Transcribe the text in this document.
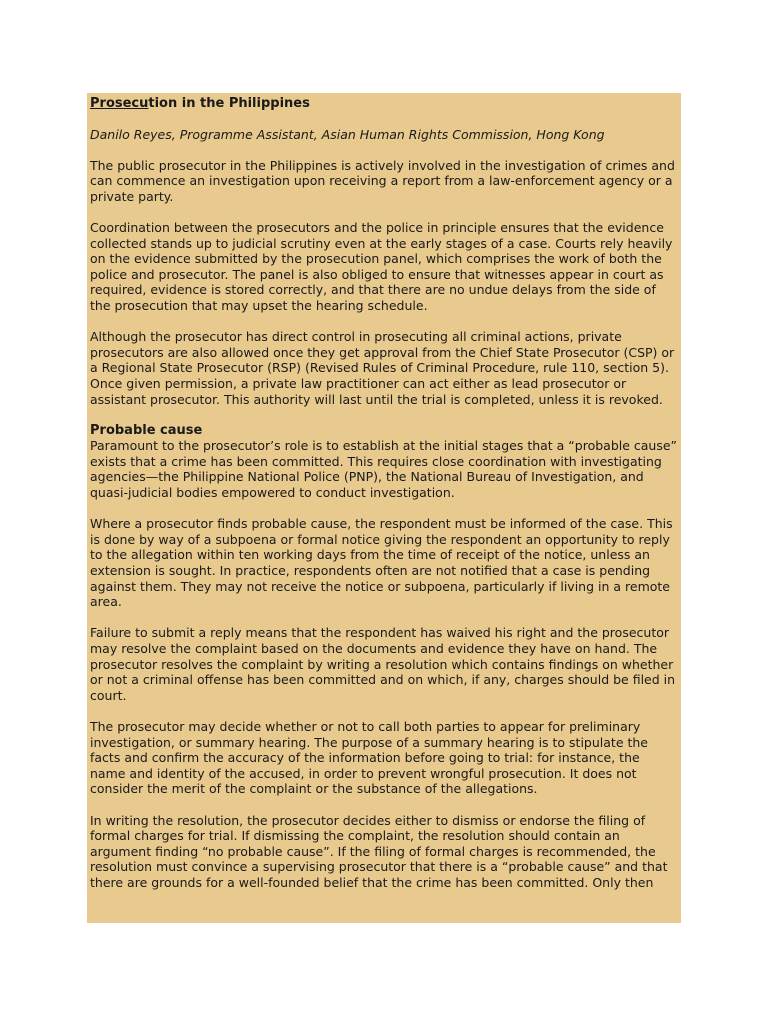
Prosecution in the Philippines
Danilo Reyes, Programme Assistant, Asian Human Rights Commission, Hong Kong
The public prosecutor in the Philippines is actively involved in the investigation of crimes and can commence an investigation upon receiving a report from a law-enforcement agency or a private party.
Coordination between the prosecutors and the police in principle ensures that the evidence collected stands up to judicial scrutiny even at the early stages of a case. Courts rely heavily on the evidence submitted by the prosecution panel, which comprises the work of both the police and prosecutor. The panel is also obliged to ensure that witnesses appear in court as required, evidence is stored correctly, and that there are no undue delays from the side of the prosecution that may upset the hearing schedule.
Although the prosecutor has direct control in prosecuting all criminal actions, private prosecutors are also allowed once they get approval from the Chief State Prosecutor (CSP) or a Regional State Prosecutor (RSP) (Revised Rules of Criminal Procedure, rule 110, section 5). Once given permission, a private law practitioner can act either as lead prosecutor or assistant prosecutor. This authority will last until the trial is completed, unless it is revoked.
Probable cause
Paramount to the prosecutor’s role is to establish at the initial stages that a “probable cause” exists that a crime has been committed. This requires close coordination with investigating agencies—the Philippine National Police (PNP), the National Bureau of Investigation, and quasi-judicial bodies empowered to conduct investigation.
Where a prosecutor finds probable cause, the respondent must be informed of the case. This is done by way of a subpoena or formal notice giving the respondent an opportunity to reply to the allegation within ten working days from the time of receipt of the notice, unless an extension is sought. In practice, respondents often are not notified that a case is pending against them. They may not receive the notice or subpoena, particularly if living in a remote area.
Failure to submit a reply means that the respondent has waived his right and the prosecutor may resolve the complaint based on the documents and evidence they have on hand. The prosecutor resolves the complaint by writing a resolution which contains findings on whether or not a criminal offense has been committed and on which, if any, charges should be filed in court.
The prosecutor may decide whether or not to call both parties to appear for preliminary investigation, or summary hearing. The purpose of a summary hearing is to stipulate the facts and confirm the accuracy of the information before going to trial: for instance, the name and identity of the accused, in order to prevent wrongful prosecution. It does not consider the merit of the complaint or the substance of the allegations.
In writing the resolution, the prosecutor decides either to dismiss or endorse the filing of formal charges for trial. If dismissing the complaint, the resolution should contain an argument finding “no probable cause”. If the filing of formal charges is recommended, the resolution must convince a supervising prosecutor that there is a “probable cause” and that there are grounds for a well-founded belief that the crime has been committed. Only then
